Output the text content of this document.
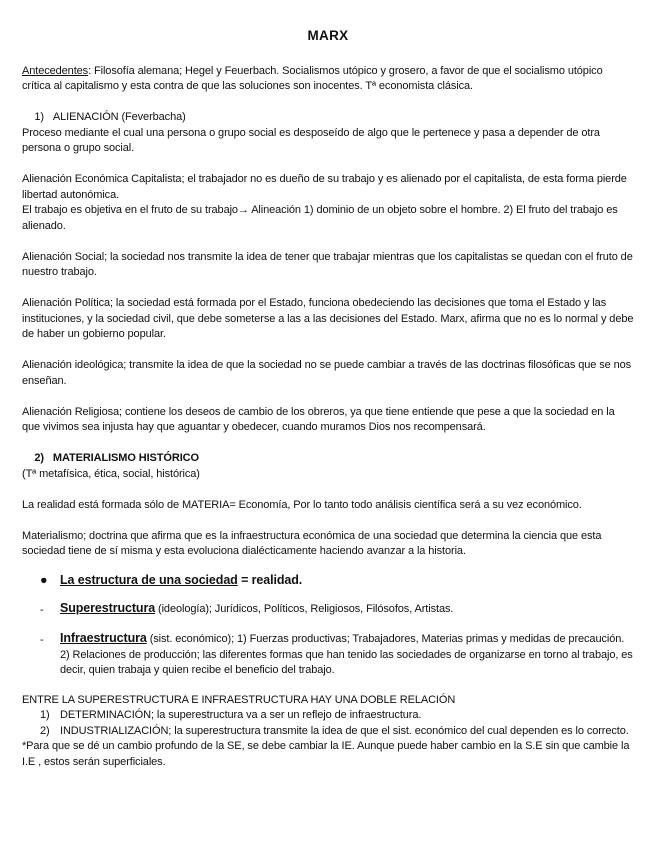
MARX

Antecedentes: Filosofía alemana; Hegel y Feuerbach. Socialismos utópico y grosero, a favor de que el socialismo utópico crítica al capitalismo y esta contra de que las soluciones son inocentes. Tª economista clásica.

1) ALIENACIÓN (Feverbacha)

Proceso mediante el cual una persona o grupo social es desposeído de algo que le pertenece y pasa a depender de otra persona o grupo social.

Alienación Económica Capitalista; el trabajador no es dueño de su trabajo y es alienado por el capitalista, de esta forma pierde libertad autonómica.

El trabajo es objetiva en el fruto de su trabajo→ Alineación 1) dominio de un objeto sobre el hombre. 2) El fruto del trabajo es alienado.

Alienación Social; la sociedad nos transmite la idea de tener que trabajar mientras que los capitalistas se quedan con el fruto de nuestro trabajo.

Alienación Política; la sociedad está formada por el Estado, funciona obedeciendo las decisiones que toma el Estado y las instituciones, y la sociedad civil, que debe someterse a las a las decisiones del Estado. Marx, afirma que no es lo normal y debe de haber un gobierno popular.

Alienación ideológica; transmite la idea de que la sociedad no se puede cambiar a través de las doctrinas filosóficas que se nos enseñan.

Alienación Religiosa; contiene los deseos de cambio de los obreros, ya que tiene entiende que pese a que la sociedad en la que vivimos sea injusta hay que aguantar y obedecer, cuando muramos Dios nos recompensará.

2) MATERIALISMO HISTÓRICO

(Tª metafísica, ética, social, histórica)

La realidad está formada sólo de MATERIA= Economía, Por lo tanto todo análisis científica será a su vez económico.

Materialismo; doctrina que afirma que es la infraestructura económica de una sociedad que determina la ciencia que esta sociedad tiene de sí misma y esta evoluciona dialécticamente haciendo avanzar a la historia.

● La estructura de una sociedad = realidad.
- Superestructura (ideología); Jurídicos, Políticos, Religiosos, Filósofos, Artistas.
- Infraestructura (sist. económico); 1) Fuerzas productivas; Trabajadores, Materias primas y medidas de precaución. 2) Relaciones de producción; las diferentes formas que han tenido las sociedades de organizarse en torno al trabajo, es decir, quien trabaja y quien recibe el beneficio del trabajo.

ENTRE LA SUPERESTRUCTURA E INFRAESTRUCTURA HAY UNA DOBLE RELACIÓN

1) DETERMINACIÓN; la superestructura va a ser un reflejo de infraestructura.
2) INDUSTRIALIZACIÓN; la superestructura transmite la idea de que el sist. económico del cual dependen es lo correcto.

*Para que se dé un cambio profundo de la SE, se debe cambiar la IE. Aunque puede haber cambio en la S.E sin que cambie la I.E , estos serán superficiales.
